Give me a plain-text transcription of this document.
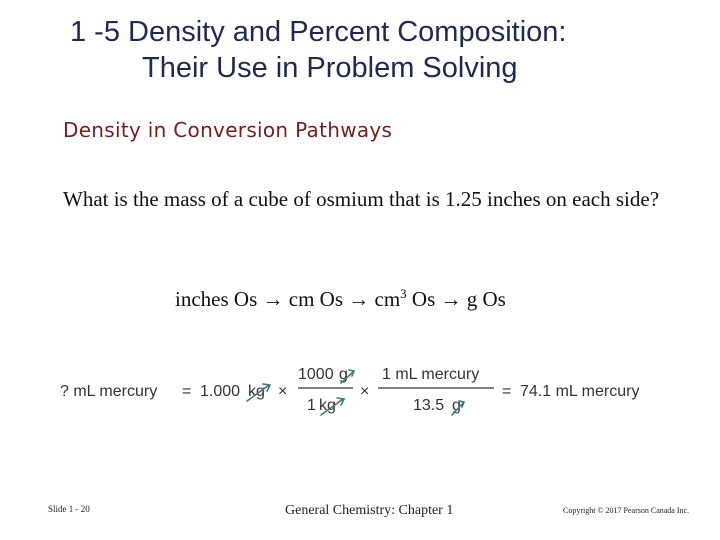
1 -5 Density and Percent Composition:
Their Use in Problem Solving
Density in Conversion Pathways
What is the mass of a cube of osmium that is 1.25 inches on each side?
inches Os → cm $Os \to cm^3$ Os → g Os
? mL mercury = 1.000 kg ×
1000 g
1 kg
×
1 mL mercury
13.5 g
= 74.1 mL mercury
Slide 1 - 20	General Chemistry: Chapter 1	Copyright © 2017 Pearson Canada Inc.
